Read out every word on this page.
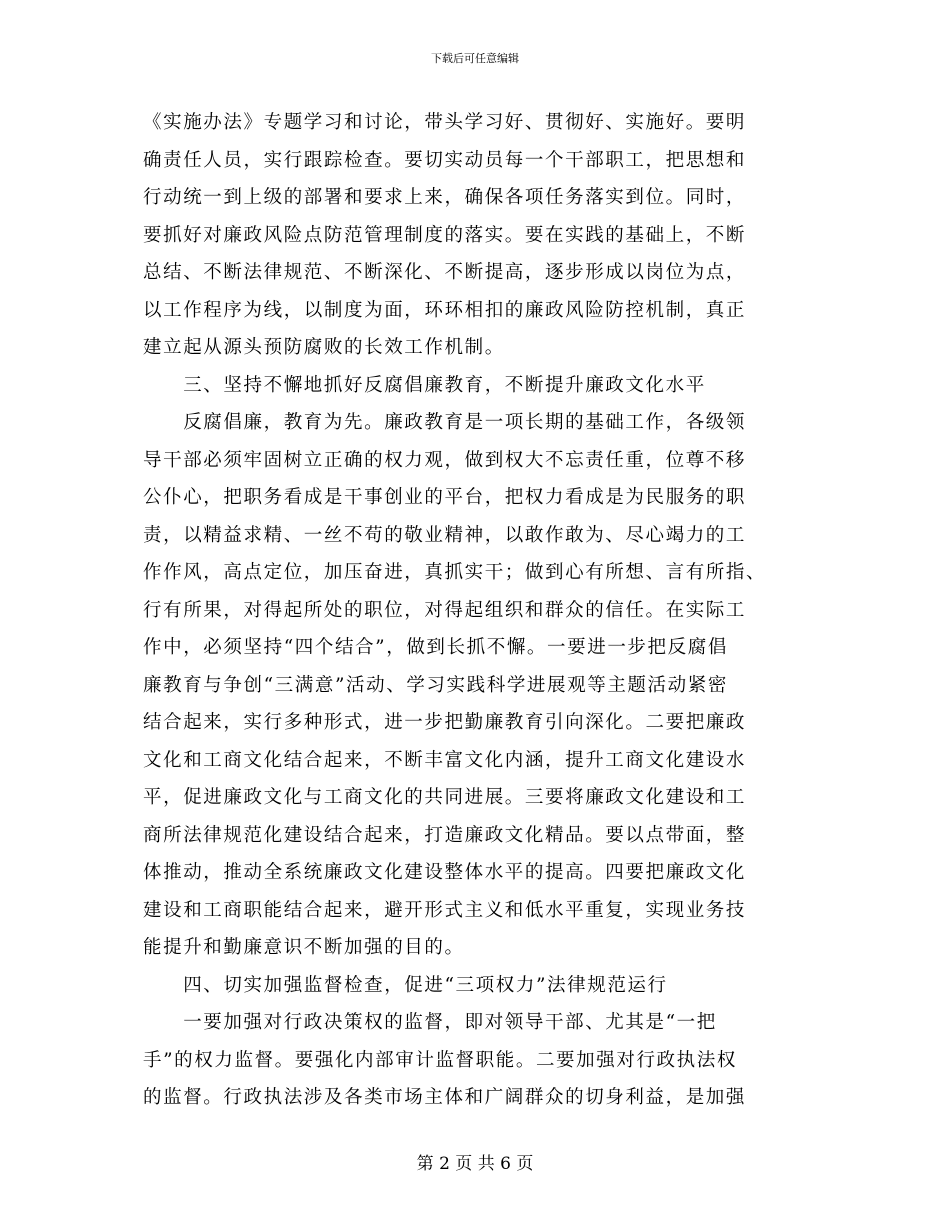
下载后可任意编辑
《实施办法》专题学习和讨论，带头学习好、贯彻好、实施好。要明
确责任人员，实行跟踪检查。要切实动员每一个干部职工，把思想和
行动统一到上级的部署和要求上来，确保各项任务落实到位。同时，
要抓好对廉政风险点防范管理制度的落实。要在实践的基础上，不断
总结、不断法律规范、不断深化、不断提高，逐步形成以岗位为点，
以工作程序为线，以制度为面，环环相扣的廉政风险防控机制，真正
建立起从源头预防腐败的长效工作机制。
　　三、坚持不懈地抓好反腐倡廉教育，不断提升廉政文化水平
　　反腐倡廉，教育为先。廉政教育是一项长期的基础工作，各级领
导干部必须牢固树立正确的权力观，做到权大不忘责任重，位尊不移
公仆心，把职务看成是干事创业的平台，把权力看成是为民服务的职
责，以精益求精、一丝不苟的敬业精神，以敢作敢为、尽心竭力的工
作作风，高点定位，加压奋进，真抓实干；做到心有所想、言有所指、
行有所果，对得起所处的职位，对得起组织和群众的信任。在实际工
作中，必须坚持“四个结合”，做到长抓不懈。一要进一步把反腐倡
廉教育与争创“三满意”活动、学习实践科学进展观等主题活动紧密
结合起来，实行多种形式，进一步把勤廉教育引向深化。二要把廉政
文化和工商文化结合起来，不断丰富文化内涵，提升工商文化建设水
平，促进廉政文化与工商文化的共同进展。三要将廉政文化建设和工
商所法律规范化建设结合起来，打造廉政文化精品。要以点带面，整
体推动，推动全系统廉政文化建设整体水平的提高。四要把廉政文化
建设和工商职能结合起来，避开形式主义和低水平重复，实现业务技
能提升和勤廉意识不断加强的目的。
　　四、切实加强监督检查，促进“三项权力”法律规范运行
　　一要加强对行政决策权的监督，即对领导干部、尤其是“一把
手”的权力监督。要强化内部审计监督职能。二要加强对行政执法权
的监督。行政执法涉及各类市场主体和广阔群众的切身利益，是加强
第 2 页 共 6 页
